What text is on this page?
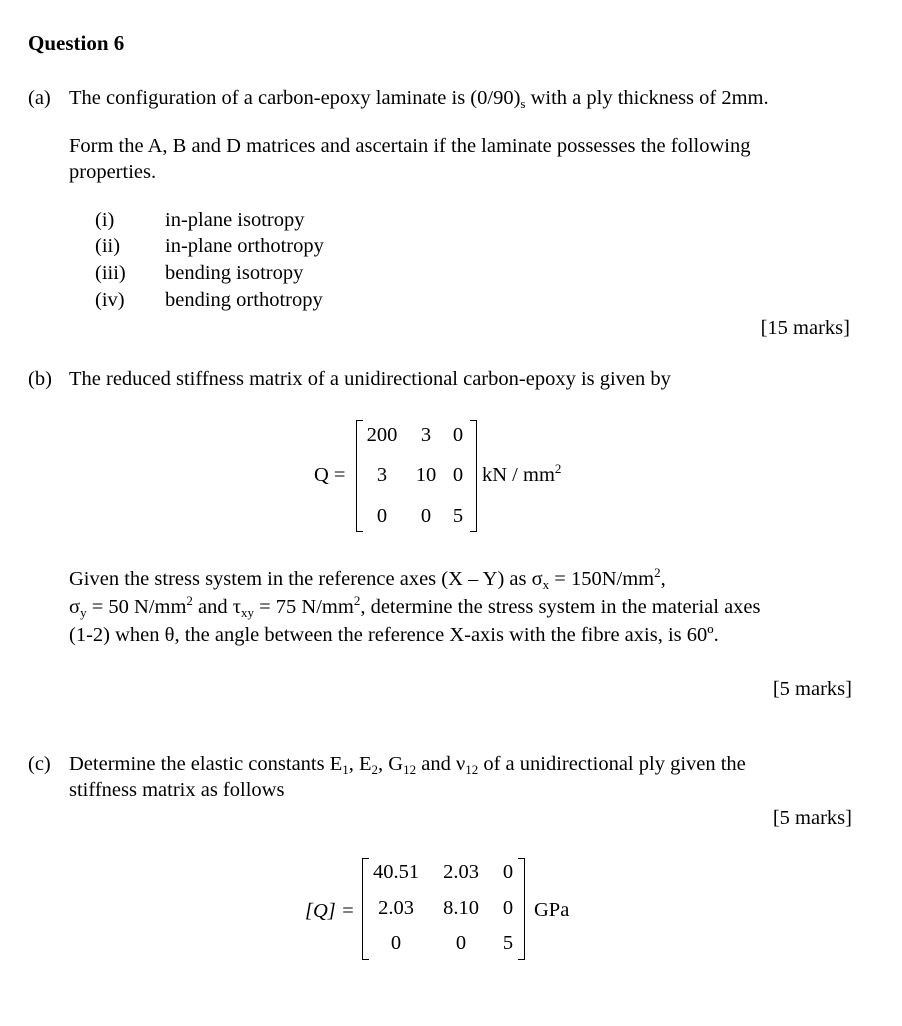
Question 6
(a) The configuration of a carbon-epoxy laminate is $(0/90)_s$ with a ply thickness of 2mm.
Form the A, B and D matrices and ascertain if the laminate possesses the following
properties.
(i) in-plane isotropy
(ii) in-plane orthotropy
(iii) bending isotropy
(iv) bending orthotropy
[15 marks]
(b) The reduced stiffness matrix of a unidirectional carbon-epoxy is given by
Q =
200	3	0
3	10 0
0	0	5
kN / $mm^2$
Given the stress system in the reference axes (X – Y) as $\sigma_x = 150N/mm^2$,
$\sigma_y = 50$ $N/mm^2$ and $\tau_{xy} = 75$ $N/mm^2$, determine the stress system in the material axes
(1-2) when θ, the angle between the reference X-axis with the fibre axis, is 60º.
[5 marks]
(c) Determine the elastic constants $E_1$, $E_2$, $G_{12}$ and $\nu_{12}$ of a unidirectional ply given the
stiffness matrix as follows
[5 marks]
[Q] =
40.51	2.03	0
2.03	8.10	0
0	0	5
GPa
